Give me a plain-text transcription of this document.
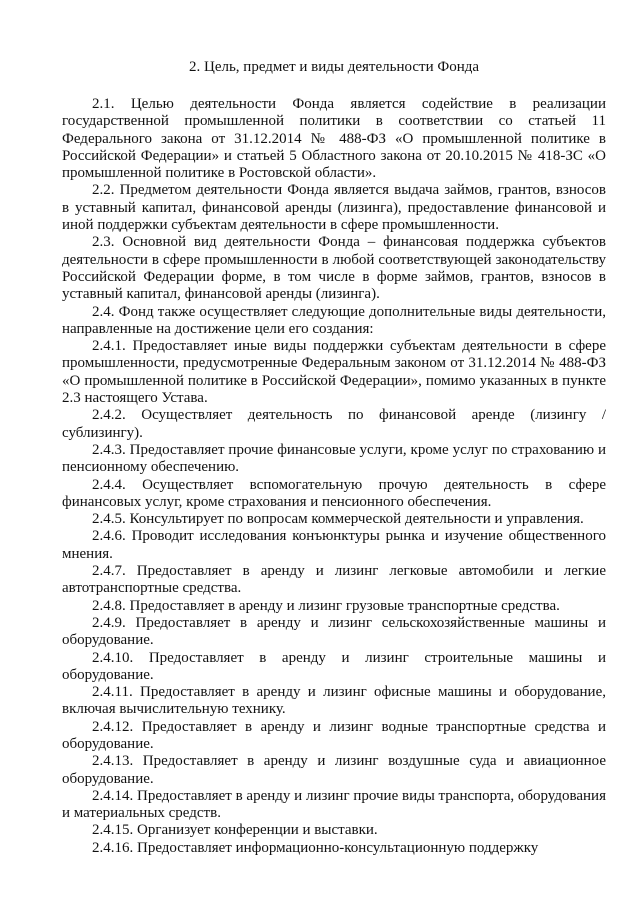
2. Цель, предмет и виды деятельности Фонда

2.1. Целью деятельности Фонда является содействие в реализации государственной промышленной политики в соответствии со статьей 11 Федерального закона от 31.12.2014 № 488-ФЗ «О промышленной политике в Российской Федерации» и статьей 5 Областного закона от 20.10.2015 № 418-ЗС «О промышленной политике в Ростовской области».

2.2. Предметом деятельности Фонда является выдача займов, грантов, взносов в уставный капитал, финансовой аренды (лизинга), предоставление финансовой и иной поддержки субъектам деятельности в сфере промышленности.

2.3. Основной вид деятельности Фонда – финансовая поддержка субъектов деятельности в сфере промышленности в любой соответствующей законодательству Российской Федерации форме, в том числе в форме займов, грантов, взносов в уставный капитал, финансовой аренды (лизинга).

2.4. Фонд также осуществляет следующие дополнительные виды деятельности, направленные на достижение цели его создания:

2.4.1. Предоставляет иные виды поддержки субъектам деятельности в сфере промышленности, предусмотренные Федеральным законом от 31.12.2014 № 488-ФЗ «О промышленной политике в Российской Федерации», помимо указанных в пункте 2.3 настоящего Устава.

2.4.2. Осуществляет деятельность по финансовой аренде (лизингу / сублизингу).

2.4.3. Предоставляет прочие финансовые услуги, кроме услуг по страхованию и пенсионному обеспечению.

2.4.4. Осуществляет вспомогательную прочую деятельность в сфере финансовых услуг, кроме страхования и пенсионного обеспечения.

2.4.5. Консультирует по вопросам коммерческой деятельности и управления.

2.4.6. Проводит исследования конъюнктуры рынка и изучение общественного мнения.

2.4.7. Предоставляет в аренду и лизинг легковые автомобили и легкие автотранспортные средства.

2.4.8. Предоставляет в аренду и лизинг грузовые транспортные средства.

2.4.9. Предоставляет в аренду и лизинг сельскохозяйственные машины и оборудование.

2.4.10. Предоставляет в аренду и лизинг строительные машины и оборудование.

2.4.11. Предоставляет в аренду и лизинг офисные машины и оборудование, включая вычислительную технику.

2.4.12. Предоставляет в аренду и лизинг водные транспортные средства и оборудование.

2.4.13. Предоставляет в аренду и лизинг воздушные суда и авиационное оборудование.

2.4.14. Предоставляет в аренду и лизинг прочие виды транспорта, оборудования и материальных средств.

2.4.15. Организует конференции и выставки.

2.4.16. Предоставляет информационно-консультационную поддержку
